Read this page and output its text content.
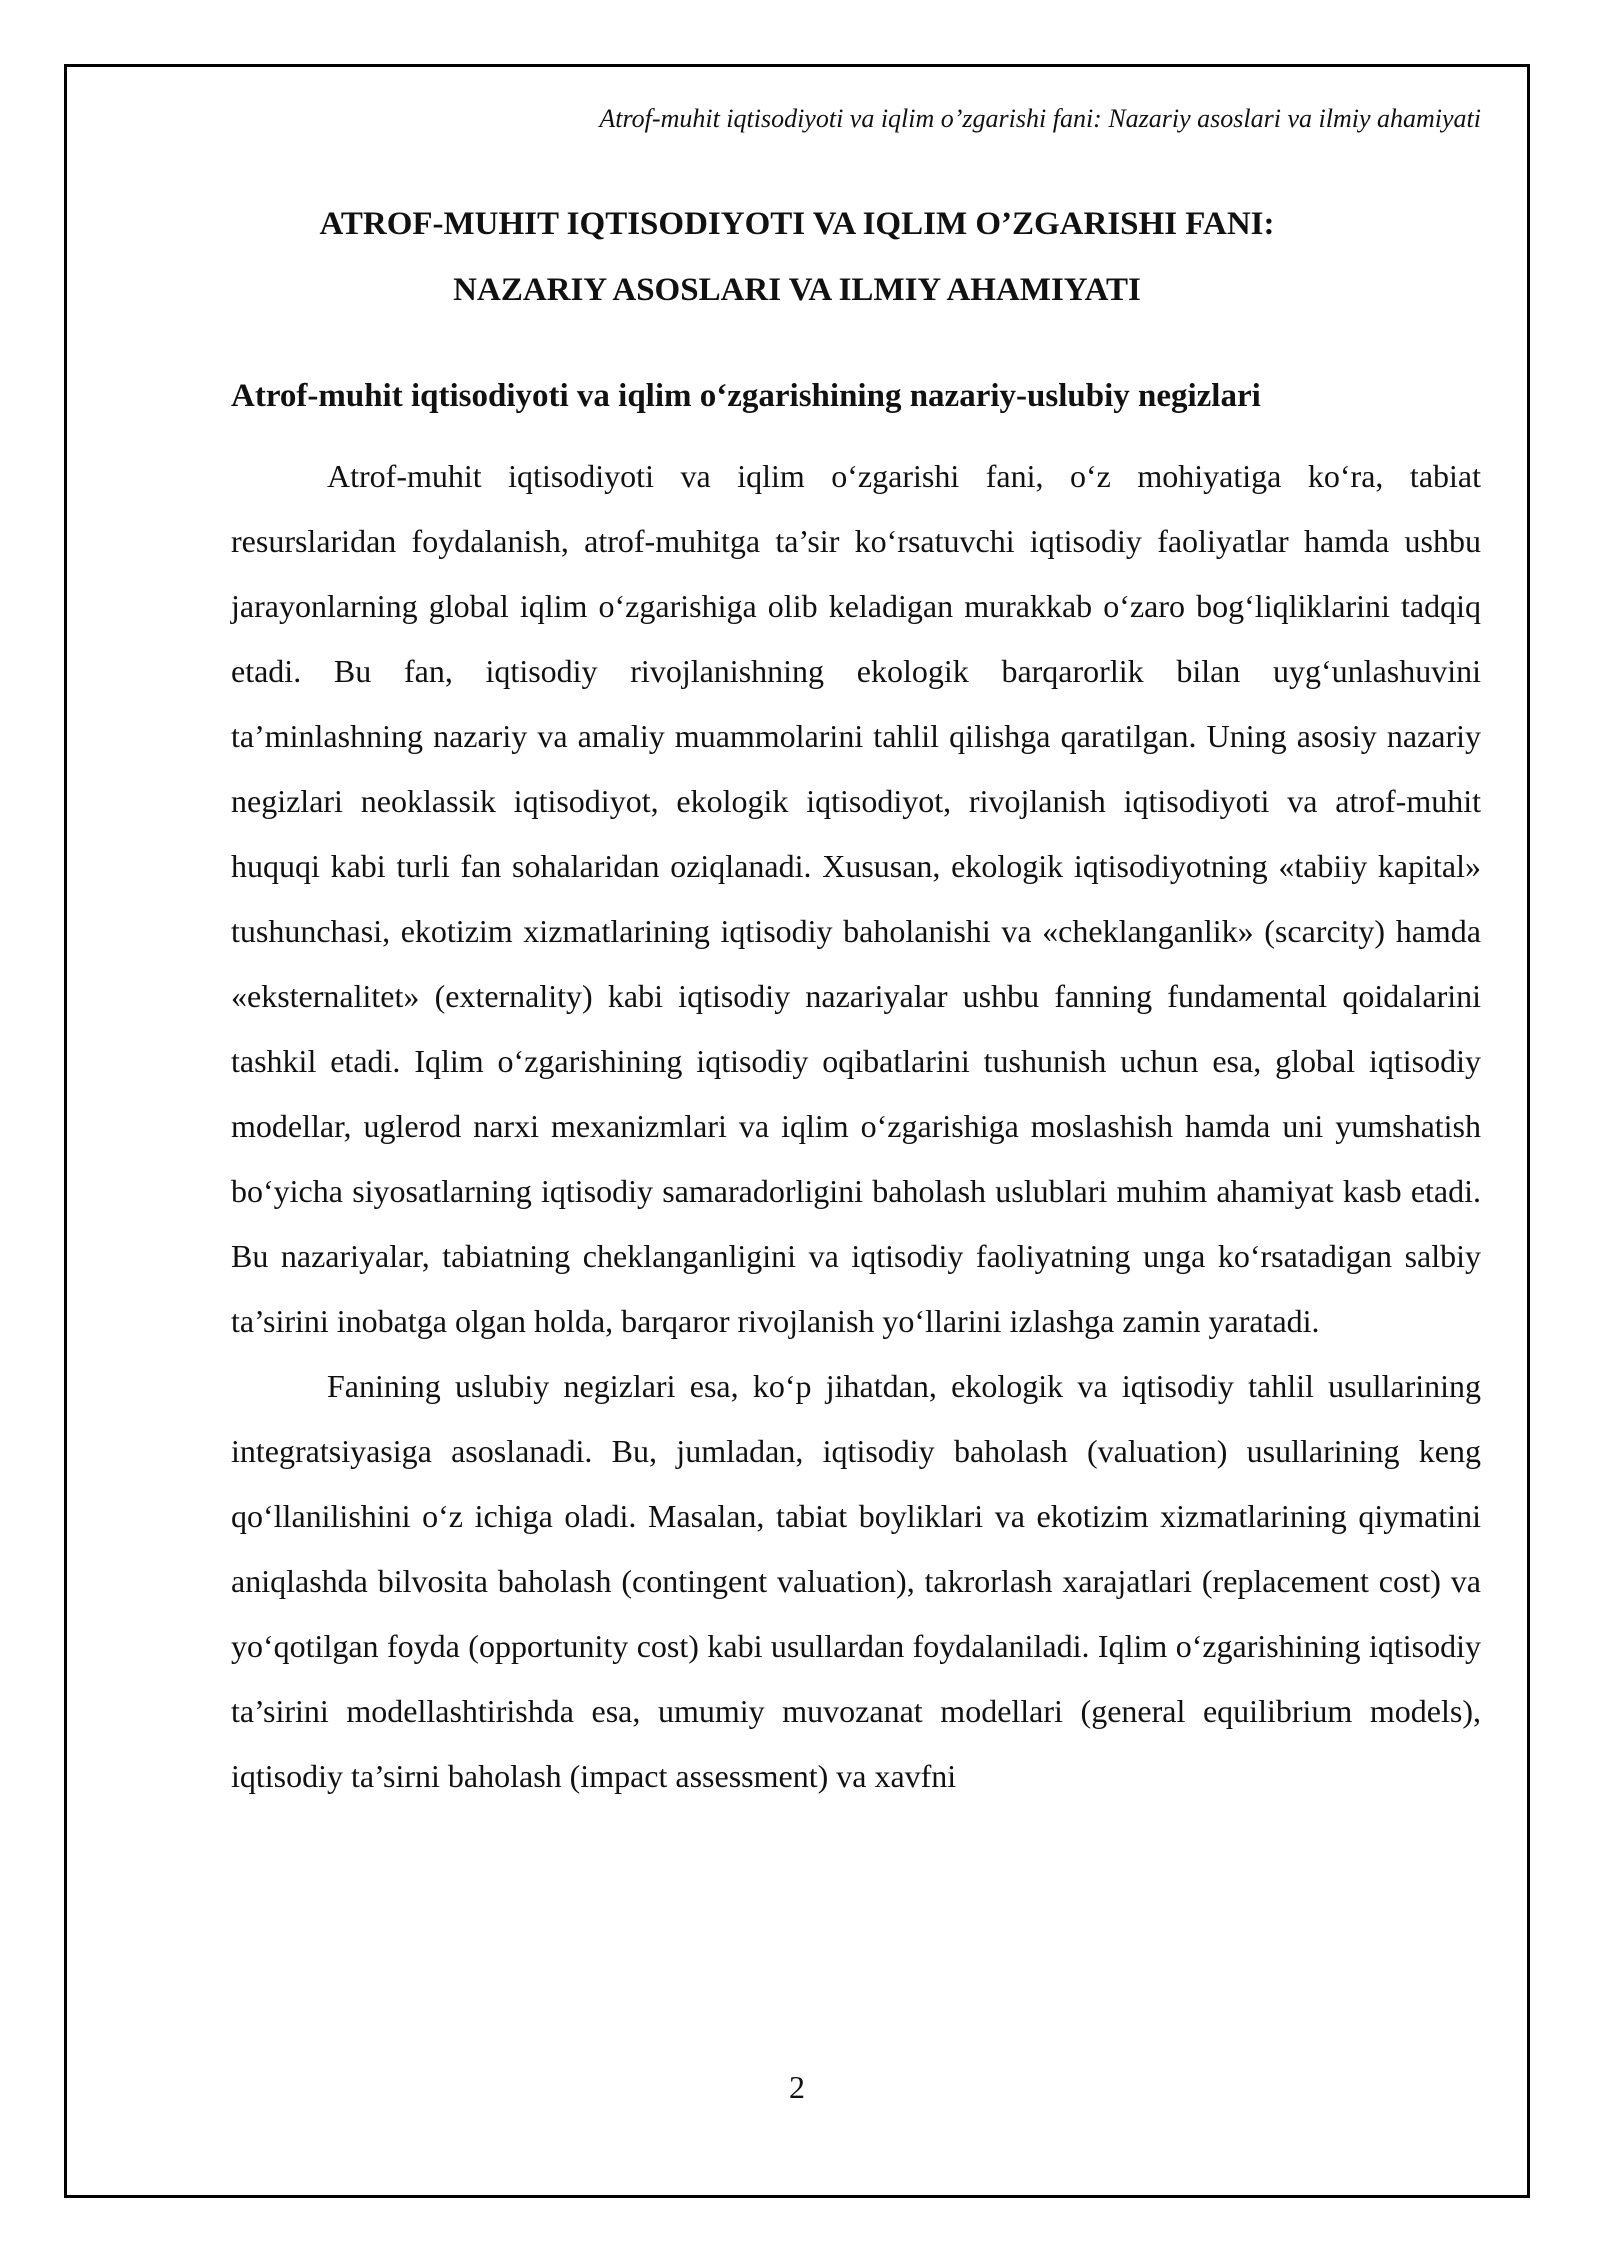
Atrof-muhit iqtisodiyoti va iqlim o’zgarishi fani: Nazariy asoslari va ilmiy ahamiyati
ATROF-MUHIT IQTISODIYOTI VA IQLIM O’ZGARISHI FANI:
NAZARIY ASOSLARI VA ILMIY AHAMIYATI
Atrof-muhit iqtisodiyoti va iqlim o‘zgarishining nazariy-uslubiy negizlari

Atrof-muhit iqtisodiyoti va iqlim o‘zgarishi fani, o‘z mohiyatiga ko‘ra, tabiat resurslaridan foydalanish, atrof-muhitga ta’sir ko‘rsatuvchi iqtisodiy faoliyatlar hamda ushbu jarayonlarning global iqlim o‘zgarishiga olib keladigan murakkab o‘zaro bog‘liqliklarini tadqiq etadi. Bu fan, iqtisodiy rivojlanishning ekologik barqarorlik bilan uyg‘unlashuvini ta’minlashning nazariy va amaliy muammolarini tahlil qilishga qaratilgan. Uning asosiy nazariy negizlari neoklassik iqtisodiyot, ekologik iqtisodiyot, rivojlanish iqtisodiyoti va atrof-muhit huquqi kabi turli fan sohalaridan oziqlanadi. Xususan, ekologik iqtisodiyotning «tabiiy kapital» tushunchasi, ekotizim xizmatlarining iqtisodiy baholanishi va «cheklanganlik» (scarcity) hamda «eksternalitet» (externality) kabi iqtisodiy nazariyalar ushbu fanning fundamental qoidalarini tashkil etadi. Iqlim o‘zgarishining iqtisodiy oqibatlarini tushunish uchun esa, global iqtisodiy modellar, uglerod narxi mexanizmlari va iqlim o‘zgarishiga moslashish hamda uni yumshatish bo‘yicha siyosatlarning iqtisodiy samaradorligini baholash uslublari muhim ahamiyat kasb etadi. Bu nazariyalar, tabiatning cheklanganligini va iqtisodiy faoliyatning unga ko‘rsatadigan salbiy ta’sirini inobatga olgan holda, barqaror rivojlanish yo‘llarini izlashga zamin yaratadi.

Fanining uslubiy negizlari esa, ko‘p jihatdan, ekologik va iqtisodiy tahlil usullarining integratsiyasiga asoslanadi. Bu, jumladan, iqtisodiy baholash (valuation) usullarining keng qo‘llanilishini o‘z ichiga oladi. Masalan, tabiat boyliklari va ekotizim xizmatlarining qiymatini aniqlashda bilvosita baholash (contingent valuation), takrorlash xarajatlari (replacement cost) va yo‘qotilgan foyda (opportunity cost) kabi usullardan foydalaniladi. Iqlim o‘zgarishining iqtisodiy ta’sirini modellashtirishda esa, umumiy muvozanat modellari (general equilibrium models), iqtisodiy ta’sirni baholash (impact assessment) va xavfni

2
